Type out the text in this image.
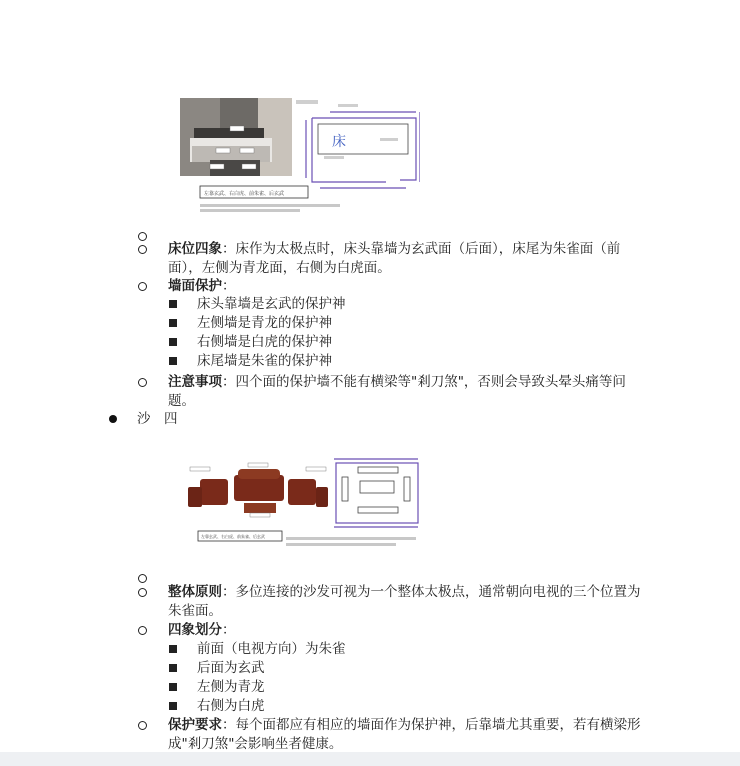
床
左靠玄武、右白虎、前朱雀、后玄武
床位四象：床作为太极点时，床头靠墙为玄武面（后面），床尾为朱雀面（前
面），左侧为青龙面，右侧为白虎面。
墙面保护：
床头靠墙是玄武的保护神
左侧墙是青龙的保护神
右侧墙是白虎的保护神
床尾墙是朱雀的保护神
注意事项：四个面的保护墙不能有横梁等"剎刀煞"，否则会导致头晕头痛等问
题。
沙　四
左靠玄武、右白虎、前朱雀、后玄武
整体原则：多位连接的沙发可视为一个整体太极点，通常朝向电视的三个位置为
朱雀面。
四象划分：
前面（电视方向）为朱雀
后面为玄武
左侧为青龙
右侧为白虎
保护要求：每个面都应有相应的墙面作为保护神，后靠墙尤其重要，若有横梁形
成"剎刀煞"会影响坐者健康。
